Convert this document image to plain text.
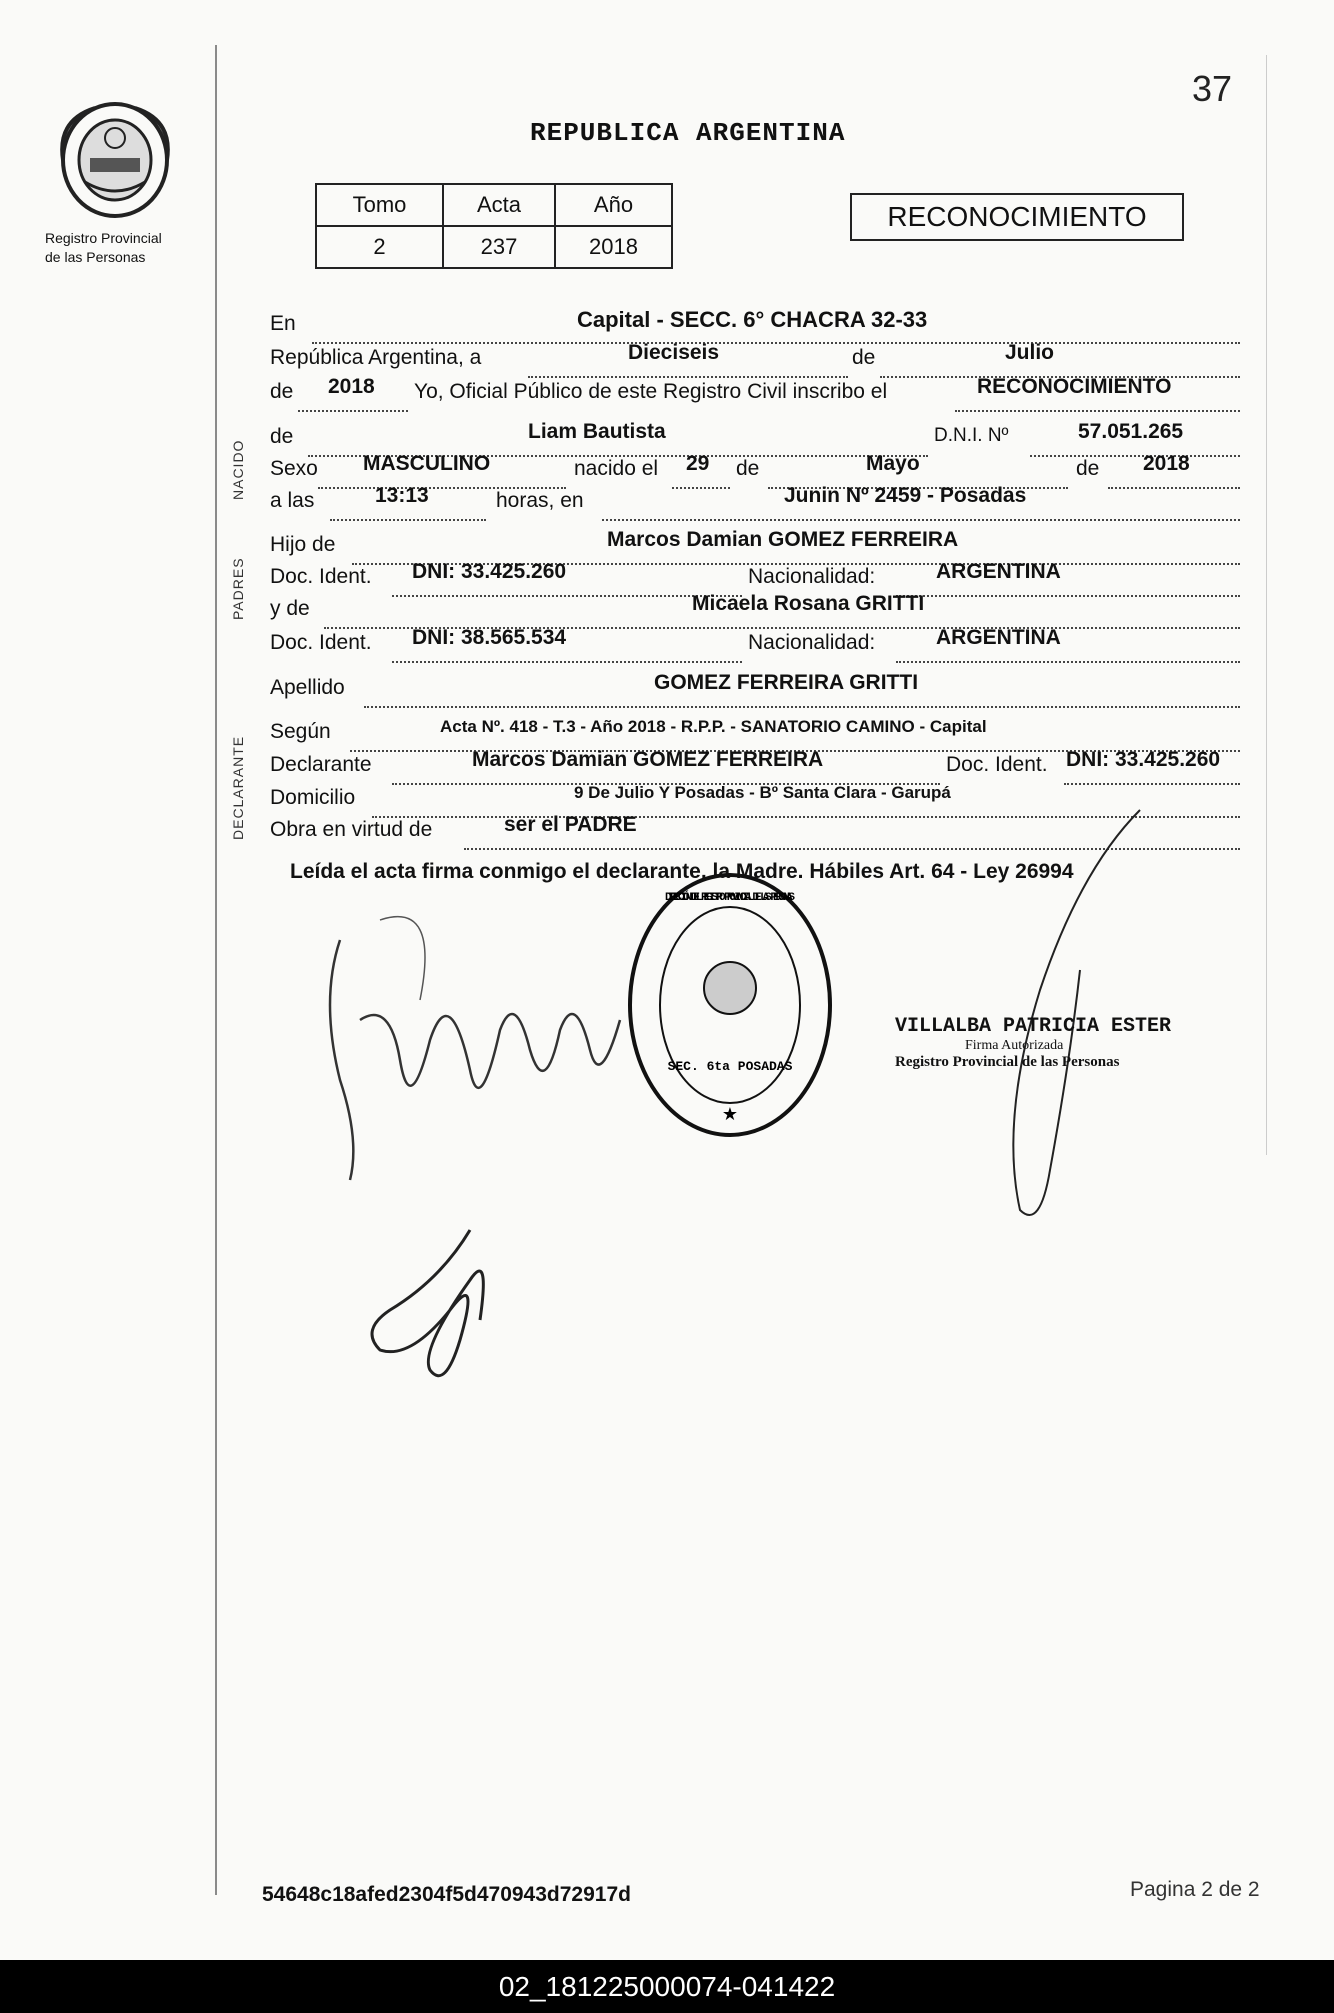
Registro Provincial
de las Personas
37
REPUBLICA ARGENTINA
Tomo	Acta	Año
2	237	2018
RECONOCIMIENTO
En	Capital - SECC. 6° CHACRA 32-33
República Argentina, a	Dieciseis	de	Julio
de 2018 Yo, Oficial Público de este Registro Civil inscribo el	RECONOCIMIENTO
NACIDO
de	Liam Bautista	D.N.I. Nº	57.051.265
Sexo MASCULINO	nacido el 29 de	Mayo	de 2018
a las	13:13	horas, en	Junin Nº 2459 - Posadas
PADRES
Hijo de	Marcos Damian GOMEZ FERREIRA
Doc. Ident. DNI: 33.425.260	Nacionalidad:	ARGENTINA
y de	Micaela Rosana GRITTI
Doc. Ident. DNI: 38.565.534	Nacionalidad:	ARGENTINA
Apellido	GOMEZ FERREIRA GRITTI
DECLARANTE
Según	Acta Nº. 418 - T.3 - Año 2018 - R.P.P. - SANATORIO CAMINO - Capital
Declarante	Marcos Damian GOMEZ FERREIRA	Doc. Ident. DNI: 33.425.260
Domicilio	9 De Julio Y Posadas - Bº Santa Clara - Garupá
Obra en virtud de	ser el PADRE
Leída el acta firma conmigo el declarante, la Madre. Hábiles Art. 64 - Ley 26994
DIRECCIÓN DEL REGISTRO PROVINCIAL DE LAS PERSONAS
SEC. 6ta POSADAS
★
VILLALBA PATRICIA ESTER
Firma Autorizada
Registro Provincial de las Personas
54648c18afed2304f5d470943d72917d	Pagina 2 de 2
02_181225000074-041422
